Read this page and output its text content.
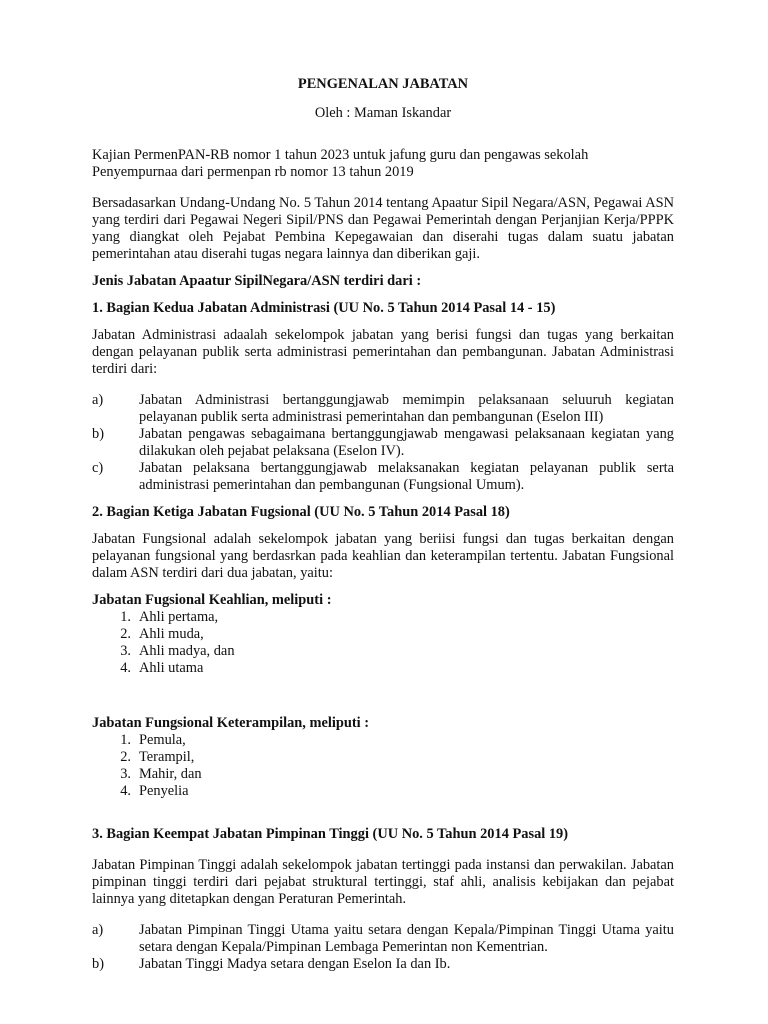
PENGENALAN JABATAN
Oleh : Maman Iskandar
Kajian PermenPAN-RB nomor 1 tahun 2023 untuk jafung guru dan pengawas sekolah
Penyempurnaa dari permenpan rb nomor 13 tahun 2019

Bersadasarkan Undang-Undang No. 5 Tahun 2014 tentang Apaatur Sipil Negara/ASN, Pegawai ASN yang terdiri dari Pegawai Negeri Sipil/PNS dan Pegawai Pemerintah dengan Perjanjian Kerja/PPPK yang diangkat oleh Pejabat Pembina Kepegawaian dan diserahi tugas dalam suatu jabatan pemerintahan atau diserahi tugas negara lainnya dan diberikan gaji.

Jenis Jabatan Apaatur SipilNegara/ASN terdiri dari :

1. Bagian Kedua Jabatan Administrasi (UU No. 5 Tahun 2014 Pasal 14 - 15)

Jabatan Administrasi adaalah sekelompok jabatan yang berisi fungsi dan tugas yang berkaitan dengan pelayanan publik serta administrasi pemerintahan dan pembangunan. Jabatan Administrasi terdiri dari:

a)	Jabatan Administrasi bertanggungjawab memimpin pelaksanaan seluuruh kegiatan pelayanan publik serta administrasi pemerintahan dan pembangunan (Eselon III)
b)	Jabatan pengawas sebagaimana bertanggungjawab mengawasi pelaksanaan kegiatan yang dilakukan oleh pejabat pelaksana (Eselon IV).
c)	Jabatan pelaksana bertanggungjawab melaksanakan kegiatan pelayanan publik serta administrasi pemerintahan dan pembangunan (Fungsional Umum).

2. Bagian Ketiga Jabatan Fugsional (UU No. 5 Tahun 2014 Pasal 18)

Jabatan Fungsional adalah sekelompok jabatan yang beriisi fungsi dan tugas berkaitan dengan pelayanan fungsional yang berdasrkan pada keahlian dan keterampilan tertentu. Jabatan Fungsional dalam ASN terdiri dari dua jabatan, yaitu:

Jabatan Fugsional Keahlian, meliputi :

1. Ahli pertama,
2. Ahli muda,
3. Ahli madya, dan
4. Ahli utama

Jabatan Fungsional Keterampilan, meliputi :

1. Pemula,
2. Terampil,
3. Mahir, dan
4. Penyelia

3. Bagian Keempat Jabatan Pimpinan Tinggi (UU No. 5 Tahun 2014 Pasal 19)

Jabatan Pimpinan Tinggi adalah sekelompok jabatan tertinggi pada instansi dan perwakilan. Jabatan pimpinan tinggi terdiri dari pejabat struktural tertinggi, staf ahli, analisis kebijakan dan pejabat lainnya yang ditetapkan dengan Peraturan Pemerintah.

a)	Jabatan Pimpinan Tinggi Utama yaitu setara dengan Kepala/Pimpinan Tinggi Utama yaitu setara dengan Kepala/Pimpinan Lembaga Pemerintan non Kementrian.
b)	Jabatan Tinggi Madya setara dengan Eselon Ia dan Ib.
